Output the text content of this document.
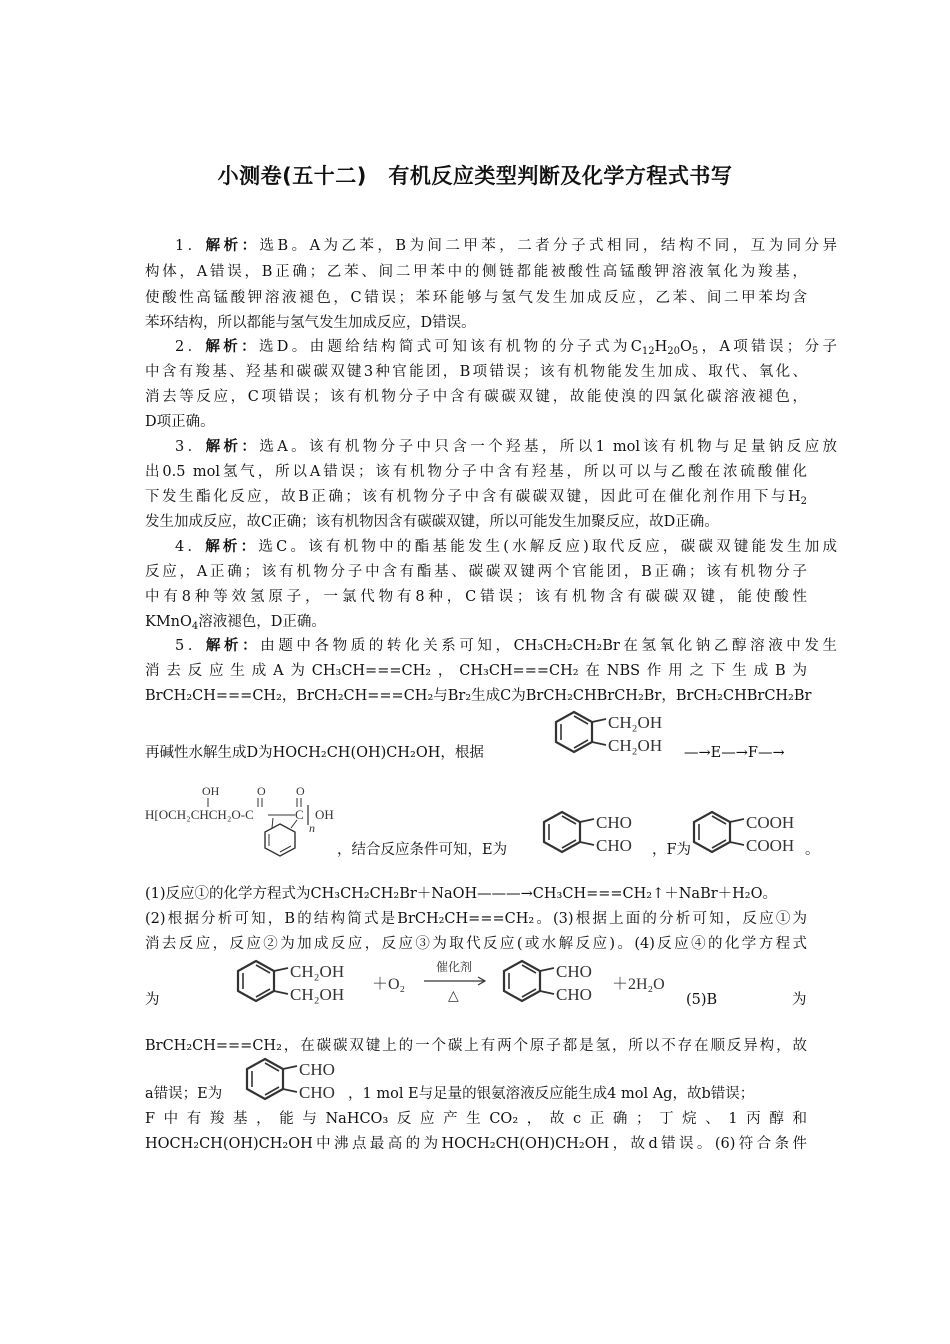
小测卷(五十二)　有机反应类型判断及化学方程式书写
1．解析：选B。A为乙苯，B为间二甲苯，二者分子式相同，结构不同，互为同分异
构体，A错误，B正确；乙苯、间二甲苯中的侧链都能被酸性高锰酸钾溶液氧化为羧基，
使酸性高锰酸钾溶液褪色，C错误；苯环能够与氢气发生加成反应，乙苯、间二甲苯均含
苯环结构，所以都能与氢气发生加成反应，D错误。
2．解析：选D。由题给结构简式可知该有机物的分子式为$C_{12}H_{20}O_5$，A项错误；分子
中含有羧基、羟基和碳碳双键3种官能团，B项错误；该有机物能发生加成、取代、氧化、
消去等反应，C项错误；该有机物分子中含有碳碳双键，故能使溴的四氯化碳溶液褪色，
D项正确。
3．解析：选A。该有机物分子中只含一个羟基，所以1 mol该有机物与足量钠反应放
出0.5 mol氢气，所以A错误；该有机物分子中含有羟基，所以可以与乙酸在浓硫酸催化
下发生酯化反应，故B正确；该有机物分子中含有碳碳双键，因此可在催化剂作用下与$H_2$
发生加成反应，故C正确；该有机物因含有碳碳双键，所以可能发生加聚反应，故D正确。
4．解析：选C。该有机物中的酯基能发生(水解反应)取代反应，碳碳双键能发生加成
反应，A正确；该有机物分子中含有酯基、碳碳双键两个官能团，B正确；该有机物分子
中有8种等效氢原子，一氯代物有8种，C错误；该有机物含有碳碳双键，能使酸性
KMnO$_4$溶液褪色，D正确。
5．解析：由题中各物质的转化关系可知，CH₃CH₂CH₂Br在氢氧化钠乙醇溶液中发生
消去反应生成A为CH₃CH===CH₂，CH₃CH===CH₂在NBS作用之下生成B为
BrCH₂CH===CH₂，BrCH₂CH===CH₂与Br₂生成C为BrCH₂CHBrCH₂Br，BrCH₂CHBrCH₂Br
再碱性水解生成D为HOCH₂CH(OH)CH₂OH，根据
CH₂OH
CH₂OH —→E—→F—→
OH
H[OCH₂CHCH₂O-C
O
C
O
n
OH
，结合反应条件可知，E为
CHO
CHO ，F为
COOH
COOH 。
(1)反应①的化学方程式为CH₃CH₂CH₂Br＋NaOH———→CH₃CH===CH₂↑＋NaBr＋H₂O。
(2)根据分析可知，B的结构简式是BrCH₂CH===CH₂。(3)根据上面的分析可知，反应①为
消去反应，反应②为加成反应，反应③为取代反应(或水解反应)。(4)反应④的化学方程式
为
CH₂OH
CH₂OH
＋O₂
催化剂
△
CHO
CHO
＋2H₂O
(5)B	为
BrCH₂CH===CH₂，在碳碳双键上的一个碳上有两个原子都是氢，所以不存在顺反异构，故
a错误；E为
CHO
CHO ，1 mol E与足量的银氨溶液反应能生成4 mol Ag，故b错误；
F中有羧基，能与NaHCO₃反应产生CO₂，故c正确；丁烷、1丙醇和
HOCH₂CH(OH)CH₂OH中沸点最高的为HOCH₂CH(OH)CH₂OH，故d错误。(6)符合条件
